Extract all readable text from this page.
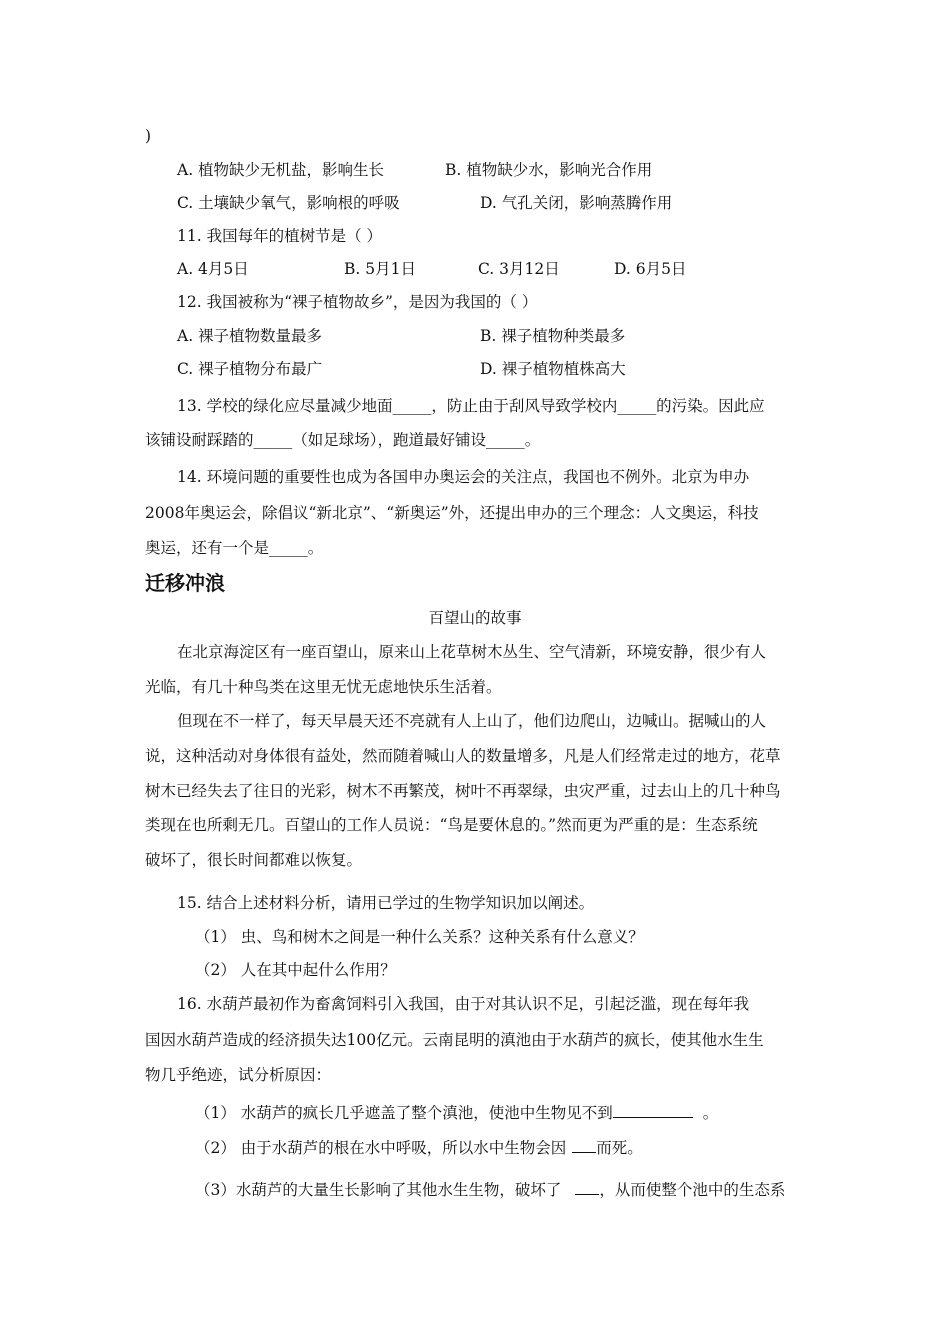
)
A. 植物缺少无机盐，影响生长	B. 植物缺少水，影响光合作用
C. 土壤缺少氧气，影响根的呼吸	D. 气孔关闭，影响蒸腾作用
11. 我国每年的植树节是（ ）
A. 4月5日	B. 5月1日	C. 3月12日	D. 6月5日
12. 我国被称为“裸子植物故乡”，是因为我国的（ ）
A. 裸子植物数量最多	B. 裸子植物种类最多
C. 裸子植物分布最广	D. 裸子植物植株高大
13. 学校的绿化应尽量减少地面_____，防止由于刮风导致学校内_____的污染。因此应
该铺设耐踩踏的_____（如足球场），跑道最好铺设_____。
14. 环境问题的重要性也成为各国申办奥运会的关注点，我国也不例外。北京为申办
2008年奥运会，除倡议“新北京”、“新奥运”外，还提出申办的三个理念：人文奥运，科技
奥运，还有一个是_____。
迁移冲浪
百望山的故事
在北京海淀区有一座百望山，原来山上花草树木丛生、空气清新，环境安静，很少有人
光临，有几十种鸟类在这里无忧无虑地快乐生活着。
但现在不一样了，每天早晨天还不亮就有人上山了，他们边爬山，边喊山。据喊山的人
说，这种活动对身体很有益处，然而随着喊山人的数量增多，凡是人们经常走过的地方，花草
树木已经失去了往日的光彩，树木不再繁茂，树叶不再翠绿，虫灾严重，过去山上的几十种鸟
类现在也所剩无几。百望山的工作人员说：“鸟是要休息的。”然而更为严重的是：生态系统
破坏了，很长时间都难以恢复。
15. 结合上述材料分析，请用已学过的生物学知识加以阐述。
（1） 虫、鸟和树木之间是一种什么关系？这种关系有什么意义？
（2） 人在其中起什么作用？
16. 水葫芦最初作为畜禽饲料引入我国，由于对其认识不足，引起泛滥，现在每年我
国因水葫芦造成的经济损失达100亿元。云南昆明的滇池由于水葫芦的疯长，使其他水生生
物几乎绝迹，试分析原因：
（1） 水葫芦的疯长几乎遮盖了整个滇池，使池中生物见不到	。
（2） 由于水葫芦的根在水中呼吸，所以水中生物会因 而死。
（3）水葫芦的大量生长影响了其他水生生物，破坏了 ，从而使整个池中的生态系
